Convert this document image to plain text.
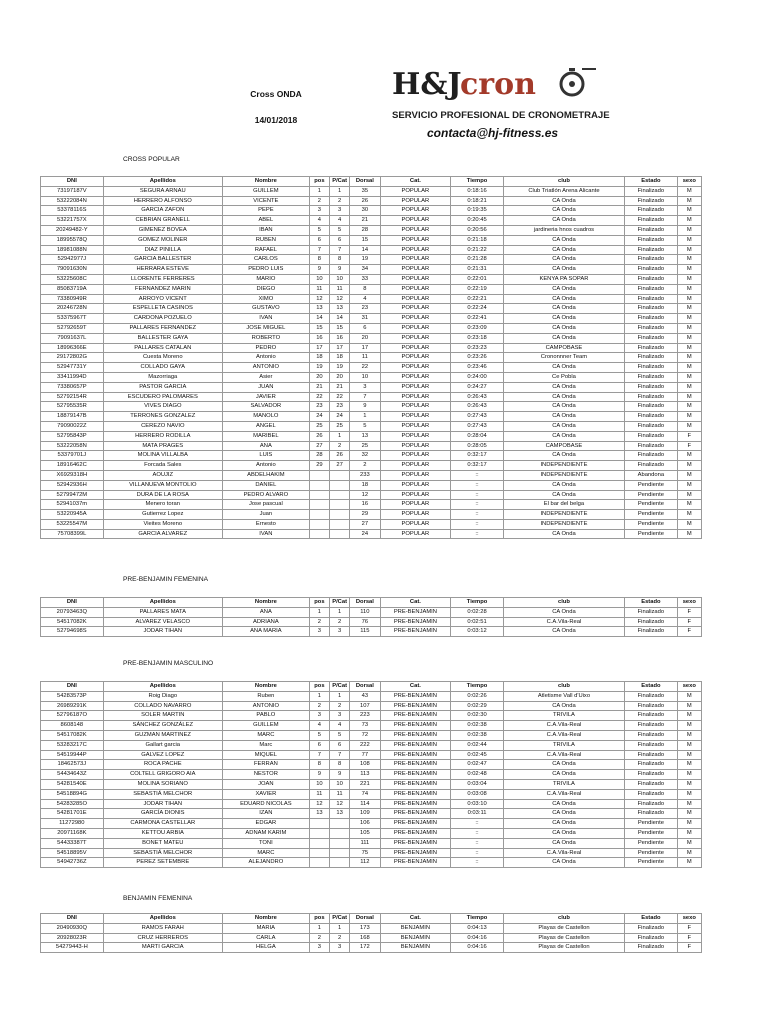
Cross ONDA
14/01/2018
H&J
cron
SERVICIO PROFESIONAL DE CRONOMETRAJE
contacta@hj-fitness.es
CROSS POPULAR
DNI	Apellidos	Nombre	pos	P/Cat	Dorsal	Cat.	Tiempo	club	Estado	sexo
73197187V	SEGURA ARNAU	GUILLEM	1	1	35	POPULAR	0:18:16	Club Triatlón Arena Alicante	Finalizado	M
53222084N	HERRERO ALFONSO	VICENTE	2	2	26	POPULAR	0:18:21	CA Onda	Finalizado	M
53378116S	GARCIA ZAFON	PEPE	3	3	30	POPULAR	0:19:35	CA Onda	Finalizado	M
53221757X	CEBRIAN GRANELL	ABEL	4	4	21	POPULAR	0:20:45	CA Onda	Finalizado	M
20249482-Y	GIMENEZ BOVEA	IBAN	5	5	28	POPULAR	0:20:56	jardineria hnos cuadros	Finalizado	M
18995578Q	GOMEZ MOLINER	RUBEN	6	6	15	POPULAR	0:21:18	CA Onda	Finalizado	M
18981088N	DIAZ PINILLA	RAFAEL	7	7	14	POPULAR	0:21:22	CA Onda	Finalizado	M
52942977J	GARCIA BALLESTER	CARLOS	8	8	19	POPULAR	0:21:28	CA Onda	Finalizado	M
79091630N	HERRARA ESTEVE	PEDRO LUIS	9	9	34	POPULAR	0:21:31	CA Onda	Finalizado	M
53225608C	LLORENTE FERRERES	MARIO	10	10	33	POPULAR	0:22:01	KENYA PA SOPAR	Finalizado	M
85083719A	FERNANDEZ MARIN	DIEGO	11	11	8	POPULAR	0:22:19	CA Onda	Finalizado	M
73380949R	ARROYO VICENT	XIMO	12	12	4	POPULAR	0:22:21	CA Onda	Finalizado	M
20246728N	ESPELLETA CASINOS	GUSTAVO	13	13	23	POPULAR	0:22:24	CA Onda	Finalizado	M
53375967T	CARDONA POZUELO	IVAN	14	14	31	POPULAR	0:22:41	CA Onda	Finalizado	M
52792659T	PALLARES FERNANDEZ	JOSE MIGUEL	15	15	6	POPULAR	0:23:09	CA Onda	Finalizado	M
79091637L	BALLESTER GAYA	ROBERTO	16	16	20	POPULAR	0:23:18	CA Onda	Finalizado	M
18996366E	PALLARES CATALAN	PEDRO	17	17	17	POPULAR	0:23:23	CAMPOBASE	Finalizado	M
29172802G	Cuesta Moreno	Antonio	18	18	11	POPULAR	0:23:26	Crononnner Team	Finalizado	M
52947731Y	COLLADO GAYA	ANTONIO	19	19	22	POPULAR	0:23:46	CA Onda	Finalizado	M
33411994D	Mazorriaga	Asier	20	20	10	POPULAR	0:24:00	Ce Pobla	Finalizado	M
73380657P	PASTOR GARCIA	JUAN	21	21	3	POPULAR	0:24:27	CA Onda	Finalizado	M
52792154R	ESCUDERO PALOMARES	JAVIER	22	22	7	POPULAR	0:26:43	CA Onda	Finalizado	M
52795535R	VIVES DIAGO	SALVADOR	23	23	9	POPULAR	0:26:43	CA Onda	Finalizado	M
18879147B	TERRONES GONZALEZ	MANOLO	24	24	1	POPULAR	0:27:43	CA Onda	Finalizado	M
79090022Z	CEREZO NAVIO	ANGEL	25	25	5	POPULAR	0:27:43	CA Onda	Finalizado	M
52795843P	HERRERO RODILLA	MARIBEL	26	1	13	POPULAR	0:28:04	CA Onda	Finalizado	F
53222058N	MATA PRAGES	ANA	27	2	25	POPULAR	0:28:05	CAMPOBASE	Finalizado	F
53379701J	MOLINA VILLALBA	LUIS	28	26	32	POPULAR	0:32:17	CA Onda	Finalizado	M
18916462C	Forcada Sales	Antonio	29	27	2	POPULAR	0:32:17	INDEPENDIENTE	Finalizado	M
X6929318H	AOUJIZ	ABDELHAKIM			233	POPULAR	::	INDEPENDIENTE	Abandona	M
52942936H	VILLANUEVA MONTOLIO	DANIEL			18	POPULAR	::	CA Onda	Pendiente	M
52799472M	DURA DE LA ROSA	PEDRO ALVARO			12	POPULAR	::	CA Onda	Pendiente	M
52941037m	Menero toran	Jose pascual			16	POPULAR	::	El bar del belga	Pendiente	M
53220945A	Gutierrez Lopez	Juan			29	POPULAR	::	INDEPENDIENTE	Pendiente	M
53225547M	Vieites Moreno	Ernesto			27	POPULAR	::	INDEPENDIENTE	Pendiente	M
75708399L	GARCIA ALVAREZ	IVAN			24	POPULAR	::	CA Onda	Pendiente	M
PRE-BENJAMIN FEMENINA
DNI	Apellidos	Nombre	pos	P/Cat	Dorsal	Cat.	Tiempo	club	Estado	sexo
20793463Q	PALLARES MATA	ANA	1	1	110	PRE-BENJAMIN	0:02:28	CA Onda	Finalizado	F
54517082K	ALVAREZ VELASCO	ADRIANA	2	2	76	PRE-BENJAMIN	0:02:51	C.A.Vila-Real	Finalizado	F
52794698S	JODAR TIHAN	ANA MARIA	3	3	115	PRE-BENJAMIN	0:03:12	CA Onda	Finalizado	F
PRE-BENJAMIN MASCULINO
DNI	Apellidos	Nombre	pos	P/Cat	Dorsal	Cat.	Tiempo	club	Estado	sexo
54283573P	Roig Diago	Ruben	1	1	43	PRE-BENJAMIN	0:02:26	Atletisme Vall d'Uixo	Finalizado	M
26989291K	COLLADO NAVARRO	ANTONIO	2	2	107	PRE-BENJAMIN	0:02:29	CA Onda	Finalizado	M
52796187O	SOLER MARTIN	PABLO	3	3	223	PRE-BENJAMIN	0:02:30	TRIVILA	Finalizado	M
8608148	SÁNCHEZ GONZÁLEZ	GUILLEM	4	4	73	PRE-BENJAMIN	0:02:38	C.A.Vila-Real	Finalizado	M
54517082K	GUZMAN MARTINEZ	MARC	5	5	72	PRE-BENJAMIN	0:02:38	C.A.Vila-Real	Finalizado	M
53283217C	Gallart garcia	Marc	6	6	222	PRE-BENJAMIN	0:02:44	TRIVILA	Finalizado	M
54519944P	GALVEZ LOPEZ	MIQUEL	7	7	77	PRE-BENJAMIN	0:02:45	C.A.Vila-Real	Finalizado	M
18462573J	ROCA PACHE	FERRAN	8	8	108	PRE-BENJAMIN	0:02:47	CA Onda	Finalizado	M
54434643Z	COLTELL GRIGORO AIA	NESTOR	9	9	113	PRE-BENJAMIN	0:02:48	CA Onda	Finalizado	M
54281540E	MOLINA SORIANO	JOAN	10	10	221	PRE-BENJAMIN	0:03:04	TRIVILA	Finalizado	M
54518894G	SEBASTIÁ MELCHOR	XAVIER	11	11	74	PRE-BENJAMIN	0:03:08	C.A.Vila-Real	Finalizado	M
54283285O	JODAR TIHAN	EDUARD NICOLAS	12	12	114	PRE-BENJAMIN	0:03:10	CA Onda	Finalizado	M
54281701E	GARCÍA DIONIS	IZAN	13	13	109	PRE-BENJAMIN	0:03:11	CA Onda	Finalizado	M
11272980	CARMONA CASTELLAR	EDGAR			106	PRE-BENJAMIN	::	CA Onda	Pendiente	M
20971168K	KETTOU ARBIA	ADNAM KARIM			105	PRE-BENJAMIN	::	CA Onda	Pendiente	M
54433387T	BONET MATEU	TONI			111	PRE-BENJAMIN	::	CA Onda	Pendiente	M
54518895V	SEBASTIÁ MELCHOR	MARC			75	PRE-BENJAMIN	::	C.A.Vila-Real	Pendiente	M
54942736Z	PEREZ SETEMBRE	ALEJANDRO			112	PRE-BENJAMIN	::	CA Onda	Pendiente	M
BENJAMIN FEMENINA
DNI	Apellidos	Nombre	pos	P/Cat	Dorsal	Cat.	Tiempo	club	Estado	sexo
20490930Q	RAMOS FARAH	MARIA	1	1	173	BENJAMIN	0:04:13	Playas de Castellon	Finalizado	F
20928023R	CRUZ HERREROS	CARLA	2	2	168	BENJAMIN	0:04:16	Playas de Castellon	Finalizado	F
54279443-H	MARTI GARCIA	HELGA	3	3	172	BENJAMIN	0:04:16	Playas de Castellon	Finalizado	F
